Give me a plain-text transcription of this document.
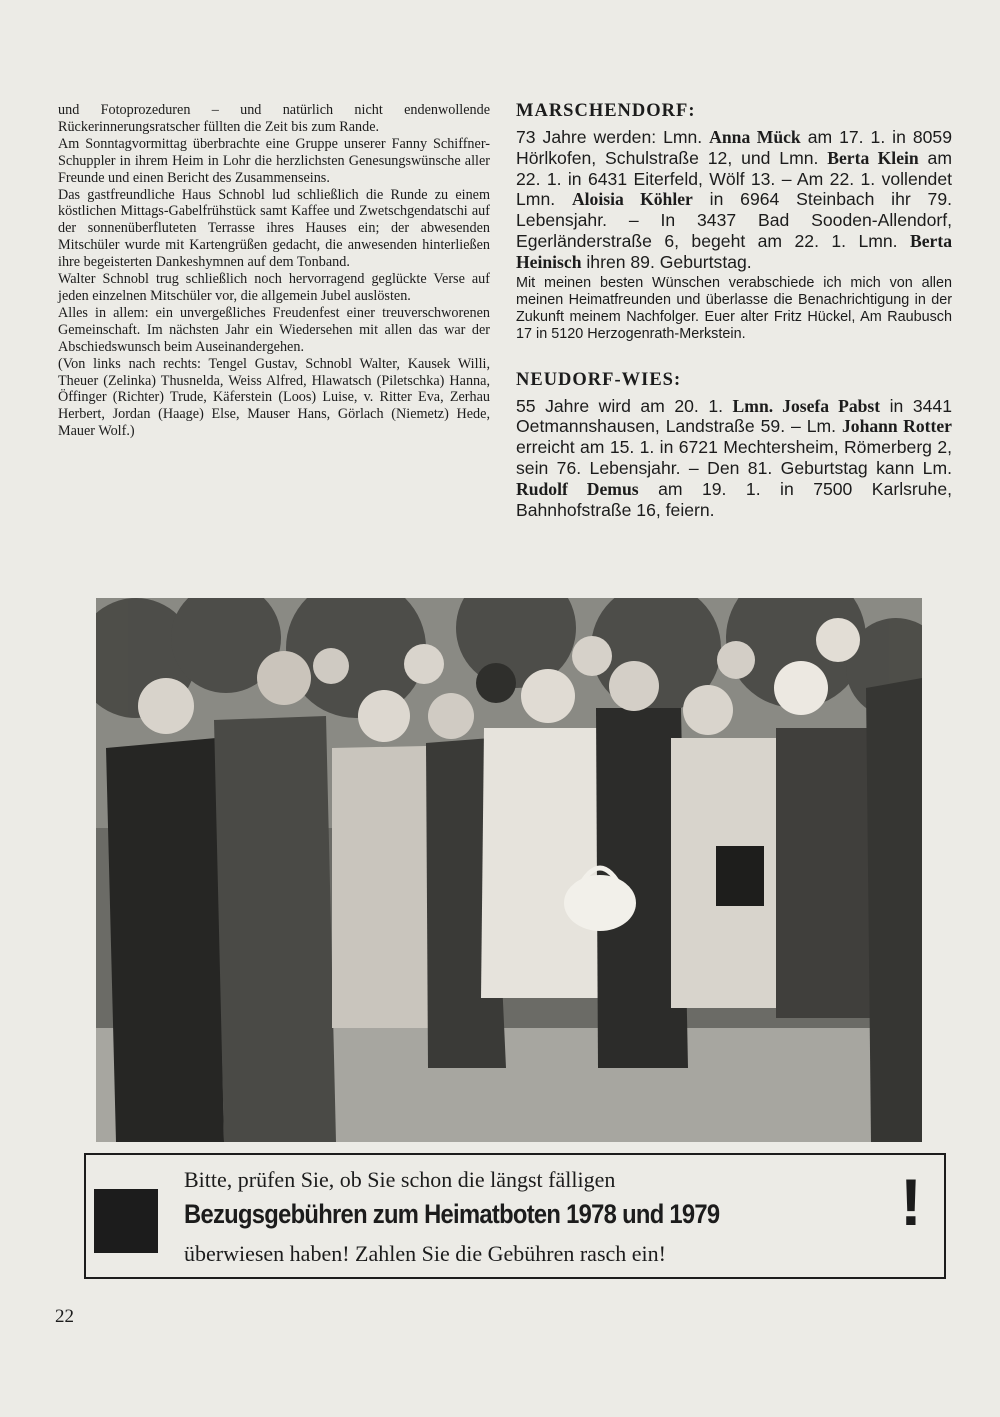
und Fotoprozeduren – und natürlich nicht endenwollende Rückerinnerungsratscher füllten die Zeit bis zum Rande.

Am Sonntagvormittag überbrachte eine Gruppe unserer Fanny Schiffner-Schuppler in ihrem Heim in Lohr die herzlichsten Genesungswünsche aller Freunde und einen Bericht des Zusammenseins.

Das gastfreundliche Haus Schnobl lud schließlich die Runde zu einem köstlichen Mittags-Gabelfrühstück samt Kaffee und Zwetschgendatschi auf der sonnenüberfluteten Terrasse ihres Hauses ein; der abwesenden Mitschüler wurde mit Kartengrüßen gedacht, die anwesenden hinterließen ihre begeisterten Dankeshymnen auf dem Tonband.

Walter Schnobl trug schließlich noch hervorragend geglückte Verse auf jeden einzelnen Mitschüler vor, die allgemein Jubel auslösten.

Alles in allem: ein unvergeßliches Freudenfest einer treuverschworenen Gemeinschaft. Im nächsten Jahr ein Wiedersehen mit allen das war der Abschiedswunsch beim Auseinandergehen.

(Von links nach rechts: Tengel Gustav, Schnobl Walter, Kausek Willi, Theuer (Zelinka) Thusnelda, Weiss Alfred, Hlawatsch (Piletschka) Hanna, Öffinger (Richter) Trude, Käferstein (Loos) Luise, v. Ritter Eva, Zerhau Herbert, Jordan (Haage) Else, Mauser Hans, Görlach (Niemetz) Hede, Mauer Wolf.)

MARSCHENDORF:

73 Jahre werden: Lmn. Anna Mück am 17. 1. in 8059 Hörlkofen, Schulstraße 12, und Lmn. Berta Klein am 22. 1. in 6431 Eiterfeld, Wölf 13. – Am 22. 1. vollendet Lmn. Aloisia Köhler in 6964 Steinbach ihr 79. Lebensjahr. – In 3437 Bad Sooden-Allendorf, Egerländerstraße 6, begeht am 22. 1. Lmn. Berta Heinisch ihren 89. Geburtstag.

Mit meinen besten Wünschen verabschiede ich mich von allen meinen Heimatfreunden und überlasse die Benachrichtigung in der Zukunft meinem Nachfolger. Euer alter Fritz Hückel, Am Raubusch 17 in 5120 Herzogenrath-Merkstein.

NEUDORF-WIES:

55 Jahre wird am 20. 1. Lmn. Josefa Pabst in 3441 Oetmannshausen, Landstraße 59. – Lm. Johann Rotter erreicht am 15. 1. in 6721 Mechtersheim, Römerberg 2, sein 76. Lebensjahr. – Den 81. Geburtstag kann Lm. Rudolf Demus am 19. 1. in 7500 Karlsruhe, Bahnhofstraße 16, feiern.

Bitte, prüfen Sie, ob Sie schon die längst fälligen
Bezugsgebühren zum Heimatboten 1978 und 1979
überwiesen haben! Zahlen Sie die Gebühren rasch ein!
!
22
